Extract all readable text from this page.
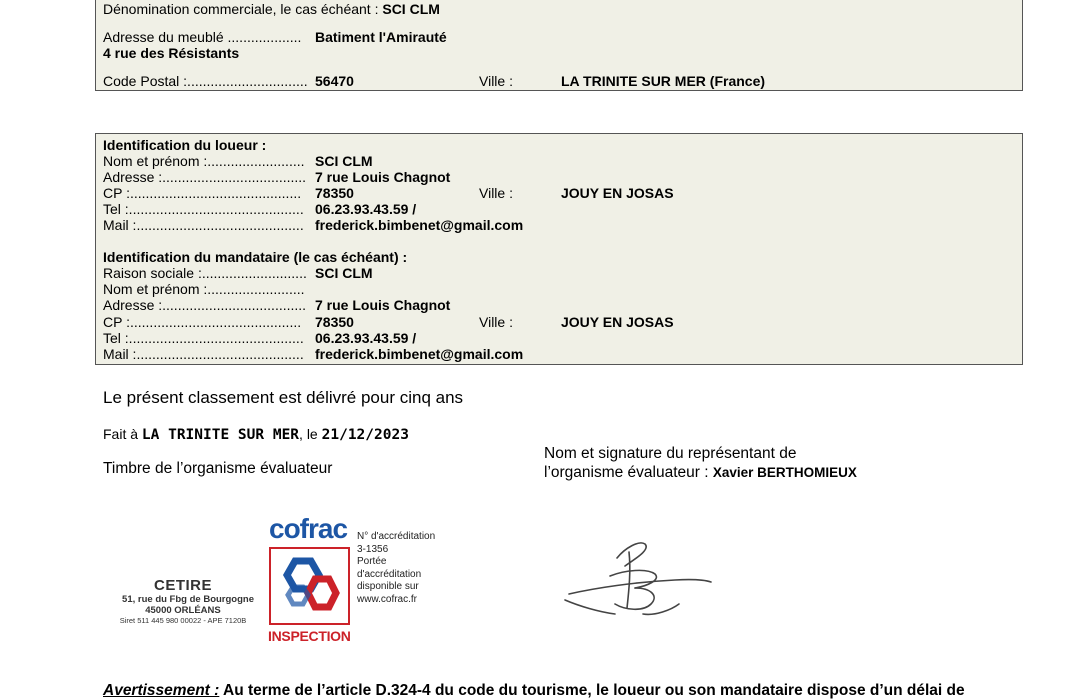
Dénomination commerciale, le cas échéant : SCI CLM
Adresse du meublé ................... Batiment l'Amirauté
4 rue des Résistants
Code Postal :............................... 56470	Ville :	LA TRINITE SUR MER (France)
Identification du loueur :
Nom et prénom :......................... SCI CLM
Adresse :..................................... 7 rue Louis Chagnot
CP :............................................ 78350	Ville :	JOUY EN JOSAS
Tel :............................................. 06.23.93.43.59 /
Mail :........................................... frederick.bimbenet@gmail.com
Identification du mandataire (le cas échéant) :
Raison sociale :........................... SCI CLM
Nom et prénom :.........................
Adresse :..................................... 7 rue Louis Chagnot
CP :............................................ 78350	Ville :	JOUY EN JOSAS
Tel :............................................. 06.23.93.43.59 /
Mail :........................................... frederick.bimbenet@gmail.com
Le présent classement est délivré pour cinq ans
Fait à LA TRINITE SUR MER, le 21/12/2023
Timbre de l’organisme évaluateur
Nom et signature du représentant de
l’organisme évaluateur : Xavier BERTHOMIEUX
CETIRE
51, rue du Fbg de Bourgogne
45000 ORLÉANS
Siret 511 445 980 00022 - APE 7120B
cofrac
INSPECTION
N° d'accréditation
3-1356
Portée
d'accréditation
disponible sur
www.cofrac.fr
Avertissement : Au terme de l’article D.324-4 du code du tourisme, le loueur ou son mandataire dispose d’un délai de
